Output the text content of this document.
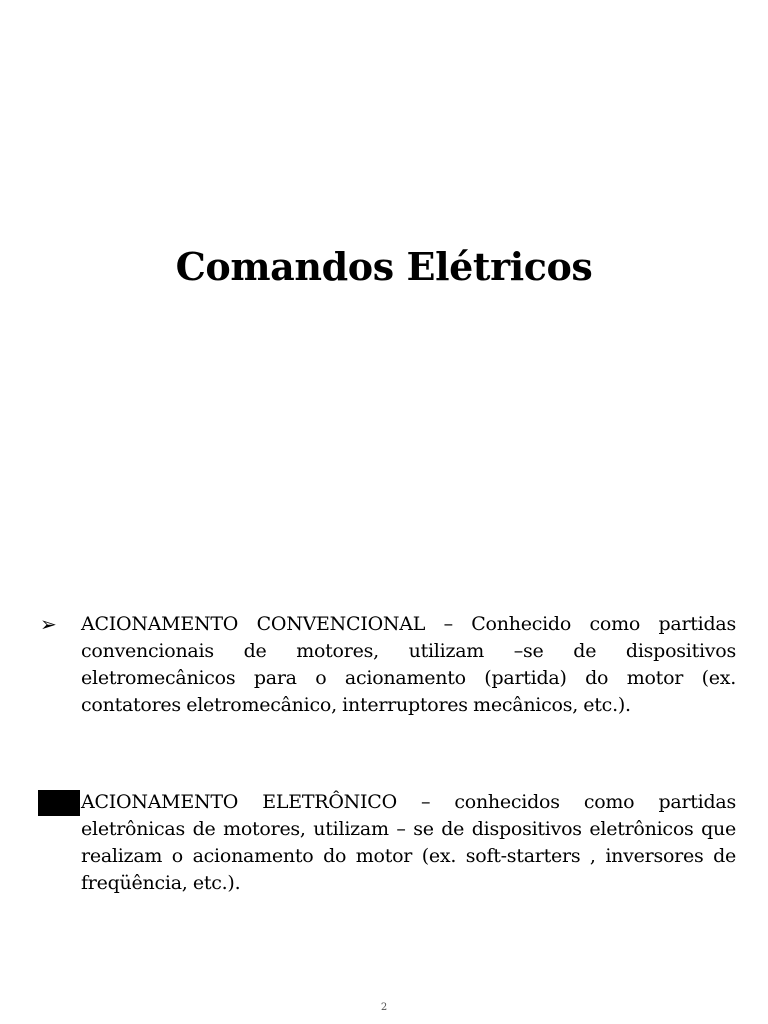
Comandos Elétricos
➢	ACIONAMENTO CONVENCIONAL – Conhecido como partidas convencionais de motores, utilizam –se de dispositivos eletromecânicos para o acionamento (partida) do motor (ex. contatores eletromecânico, interruptores mecânicos, etc.).

ACIONAMENTO ELETRÔNICO – conhecidos como partidas eletrônicas de motores, utilizam – se de dispositivos eletrônicos que realizam o acionamento do motor (ex. soft-starters , inversores de freqüência, etc.).

2
